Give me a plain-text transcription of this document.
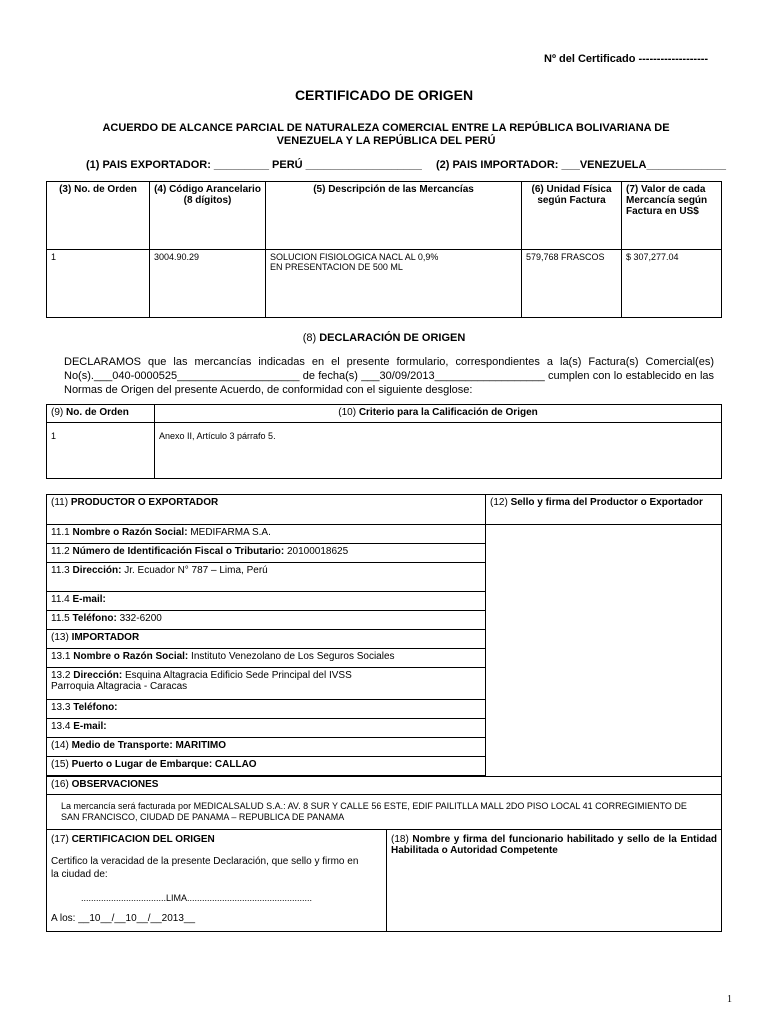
Nº del Certificado -------------------
CERTIFICADO DE ORIGEN
ACUERDO DE ALCANCE PARCIAL DE NATURALEZA COMERCIAL ENTRE LA REPÚBLICA BOLIVARIANA DE VENEZUELA Y LA REPÚBLICA DEL PERÚ
(1) PAIS EXPORTADOR: _________ PERÚ ___________________ (2) PAIS IMPORTADOR: ___VENEZUELA_____________
(3) No. de Orden	(4) Código Arancelario (8 dígitos)	(5) Descripción de las Mercancías	(6) Unidad Física según Factura	(7) Valor de cada Mercancía según Factura en US$
1	3004.90.29	SOLUCION FISIOLOGICA NACL AL 0,9%
EN PRESENTACION DE 500 ML	579,768 FRASCOS	$ 307,277.04
(8) DECLARACIÓN DE ORIGEN
DECLARAMOS que las mercancías indicadas en el presente formulario, correspondientes a la(s) Factura(s) Comercial(es) No(s).___040-0000525____________________ de fecha(s) ___30/09/2013__________________ cumplen con lo establecido en las Normas de Origen del presente Acuerdo, de conformidad con el siguiente desglose:
(9) No. de Orden	(10) Criterio para la Calificación de Origen
1	Anexo II, Artículo 3 párrafo 5.
(11) PRODUCTOR O EXPORTADOR	(12) Sello y firma del Productor o Exportador
11.1 Nombre o Razón Social: MEDIFARMA S.A.	
11.2 Número de Identificación Fiscal o Tributario: 20100018625	
11.3 Dirección: Jr. Ecuador N° 787 – Lima, Perú	
11.4 E-mail:	
11.5 Teléfono: 332-6200	
(13) IMPORTADOR	
13.1 Nombre o Razón Social: Instituto Venezolano de Los Seguros Sociales	

13.2 Dirección: Esquina Altagracia Edificio Sede Principal del IVSS
Parroquia Altagracia - Caracas	

13.3 Teléfono:	
13.4 E-mail:	
(14) Medio de Transporte: MARITIMO	
(15) Puerto o Lugar de Embarque: CALLAO	

(16) OBSERVACIONES	
La mercancía será facturada por MEDICALSALUD S.A.: AV. 8 SUR Y CALLE 56 ESTE, EDIF PAILITLLA MALL 2DO PISO LOCAL 41 CORREGIMIENTO DE SAN FRANCISCO, CIUDAD DE PANAMA – REPUBLICA DE PANAMA	
(17) CERTIFICACION DEL ORIGEN
Certifico la veracidad de la presente Declaración, que sello y firmo en la ciudad de:
..................................LIMA..................................................
A los: __10__/__10__/__2013__
	(18) Nombre y firma del funcionario habilitado y sello de la Entidad Habilitada o Autoridad Competente
1
